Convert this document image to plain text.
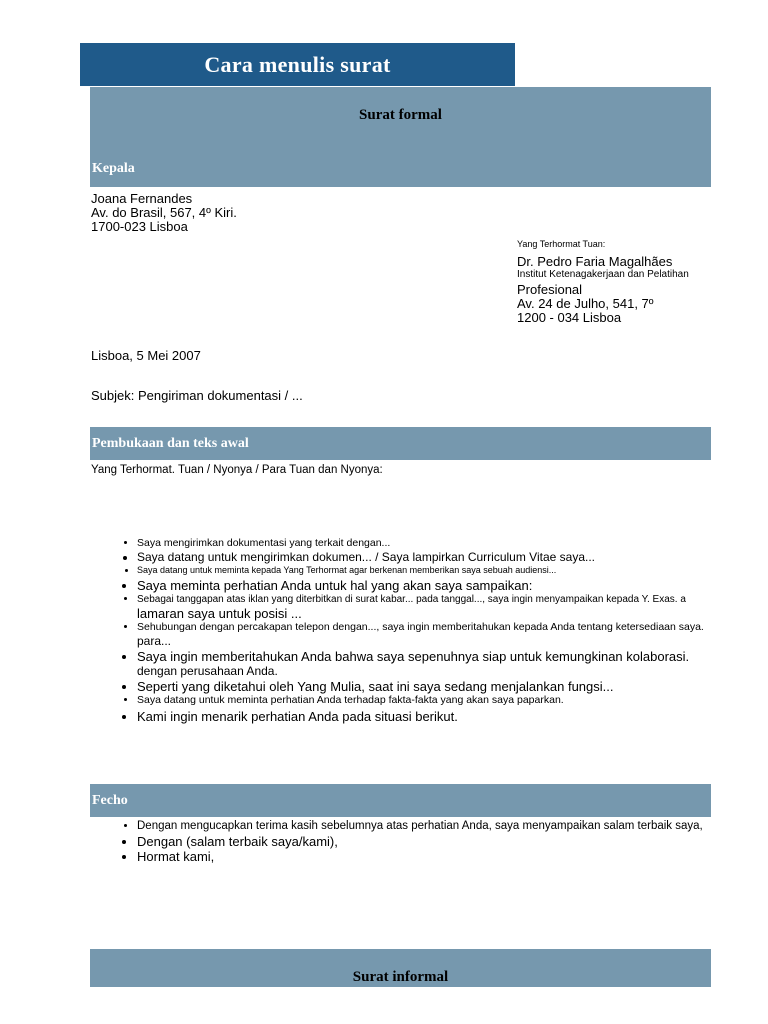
Cara menulis surat
Surat formal
Kepala
Joana Fernandes
Av. do Brasil, 567, 4º Kiri.
1700-023 Lisboa
Yang Terhormat Tuan:
Dr. Pedro Faria Magalhães
Institut Ketenagakerjaan dan Pelatihan
Profesional
Av. 24 de Julho, 541, 7º
1200 - 034 Lisboa
Lisboa, 5 Mei 2007
Subjek: Pengiriman dokumentasi / ...
Pembukaan dan teks awal
Yang Terhormat. Tuan / Nyonya / Para Tuan dan Nyonya:
• Saya mengirimkan dokumentasi yang terkait dengan...
• Saya datang untuk mengirimkan dokumen... / Saya lampirkan Curriculum Vitae saya...
• Saya datang untuk meminta kepada Yang Terhormat agar berkenan memberikan saya sebuah audiensi...
• Saya meminta perhatian Anda untuk hal yang akan saya sampaikan:
• Sebagai tanggapan atas iklan yang diterbitkan di surat kabar... pada tanggal..., saya ingin menyampaikan kepada Y. Exas. a
lamaran saya untuk posisi ...
• Sehubungan dengan percakapan telepon dengan..., saya ingin memberitahukan kepada Anda tentang ketersediaan saya.
para...
• Saya ingin memberitahukan Anda bahwa saya sepenuhnya siap untuk kemungkinan kolaborasi.
dengan perusahaan Anda.
• Seperti yang diketahui oleh Yang Mulia, saat ini saya sedang menjalankan fungsi...
• Saya datang untuk meminta perhatian Anda terhadap fakta-fakta yang akan saya paparkan.
• Kami ingin menarik perhatian Anda pada situasi berikut.
Fecho
• Dengan mengucapkan terima kasih sebelumnya atas perhatian Anda, saya menyampaikan salam terbaik saya,
• Dengan (salam terbaik saya/kami),
• Hormat kami,
Surat informal
